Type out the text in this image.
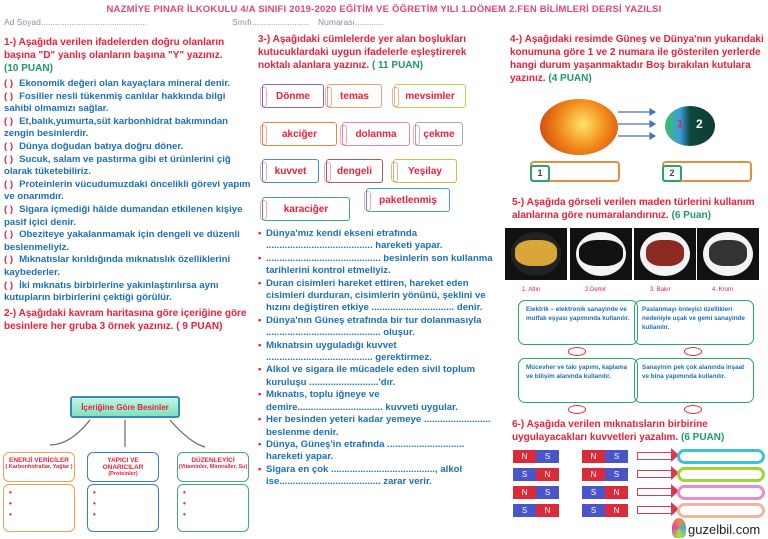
NAZMİYE PINAR İLKOKULU 4/A SINIFI 2019-2020 EĞİTİM VE ÖĞRETİM YILI 1.DÖNEM 2.FEN BİLİMLERİ DERSİ YAZILSI
Ad Soyad.............................................	Sınıfı........................ Numarası............
1-) Aşağıda verilen ifadelerden doğru olanların başına "D" yanlış olanların başına "Y" yazınız.
(10 PUAN)
( ) Ekonomik değeri olan kayaçlara mineral denir.
( ) Fosiller nesli tükenmiş canlılar hakkında bilgi sahibi olmamızı sağlar.
( ) Et,balık,yumurta,süt karbonhidrat bakımından zengin besinlerdir.
( ) Dünya doğudan batıya doğru döner.
( ) Sucuk, salam ve pastırma gibi et ürünlerini çiğ olarak tüketebiliriz.
( ) Proteinlerin vücudumuzdaki öncelikli görevi yapım ve onarımdır.
( ) Sigara içmediği hâlde dumandan etkilenen kişiye pasif içici denir.
( ) Obeziteye yakalanmamak için dengeli ve düzenli beslenmeliyiz.
( ) Mıknatıslar kırıldığında mıknatıslık özelliklerini kaybederler.
( ) İki mıknatıs birbirlerine yakınlaştırılırsa aynı kutupların birbirlerini çektiği görülür.
2-) Aşağıdaki kavram haritasına göre içeriğine göre besinlere her gruba 3 örnek yazınız. ( 9 PUAN)
İçeriğine Göre Besinler
ENERJİ VERİCİLER
( Karbonhidratlar, Yağlar )
•
•
•
YAPICI VE ONARICILAR
(Proteinler)
•
•
•
DÜZENLEYİCİ
(Vitaminler, Mineraller, Su)
•
•
•
3-) Aşağıdaki cümlelerde yer alan boşlukları kutucuklardaki uygun ifadelerle eşleştirerek noktalı alanlara yazınız. ( 11 PUAN)
Dönme	temas	mevsimler
akciğer	dolanma	çekme
kuvvet	dengeli	Yeşilay
karaciğer
paketlenmiş
• Dünya'mız kendi ekseni etrafında ........................................ hareketi yapar.
• ........................................... besinlerin son kullanma tarihlerini kontrol etmeliyiz.
• Duran cisimleri hareket ettiren, hareket eden cisimleri durduran, cisimlerin yönünü, şeklini ve hızını değiştiren etkiye ............................... denir.
• Dünya'nın Güneş etrafında bir tur dolanmasıyla ........................................... oluşur.
• Mıknatısın uyguladığı kuvvet ........................................ gerektirmez.
• Alkol ve sigara ile mücadele eden sivil toplum kuruluşu ..........................'dır.
• Mıknatıs, toplu iğneye ve demire................................ kuvveti uygular.
• Her besinden yeteri kadar yemeye ......................... beslenme denir.
• Dünya, Güneş'in etrafında ............................. hareketi yapar.
• Sigara en çok ......................................., alkol ise...................................... zarar verir.
4-) Aşağıdaki resimde Güneş ve Dünya'nın yukarıdaki konumuna göre 1 ve 2 numara ile gösterilen yerlerde hangi durum yaşanmaktadır Boş bırakılan kutulara yazınız. (4 PUAN)
1 2
1	2
5-) Aşağıda görseli verilen maden türlerini kullanım alanlarına göre numaralandırınız. (6 Puan)
1. Altın	2.Demir	3. Bakır	4. Krom
Elektrik – elektronik sanayinde ve mutfak eşyası yapımında kullanılır.
Paslanmayı önleyici özellikleri nedeniyle uçak ve gemi sanayinde kullanılır.
Mücevher ve takı yapımı, kaplama ve bilişim alanında kullanılır.
Sanayinin pek çok alanında inşaat ve bina yapımında kullanılır.
6-) Aşağıda verilen mıknatısların birbirine uygulayacakları kuvvetleri yazalım. (6 PUAN)
N	S	N	S
S	N	N	S
N	S	S	N
S	N	S	N
guzelbil.com
